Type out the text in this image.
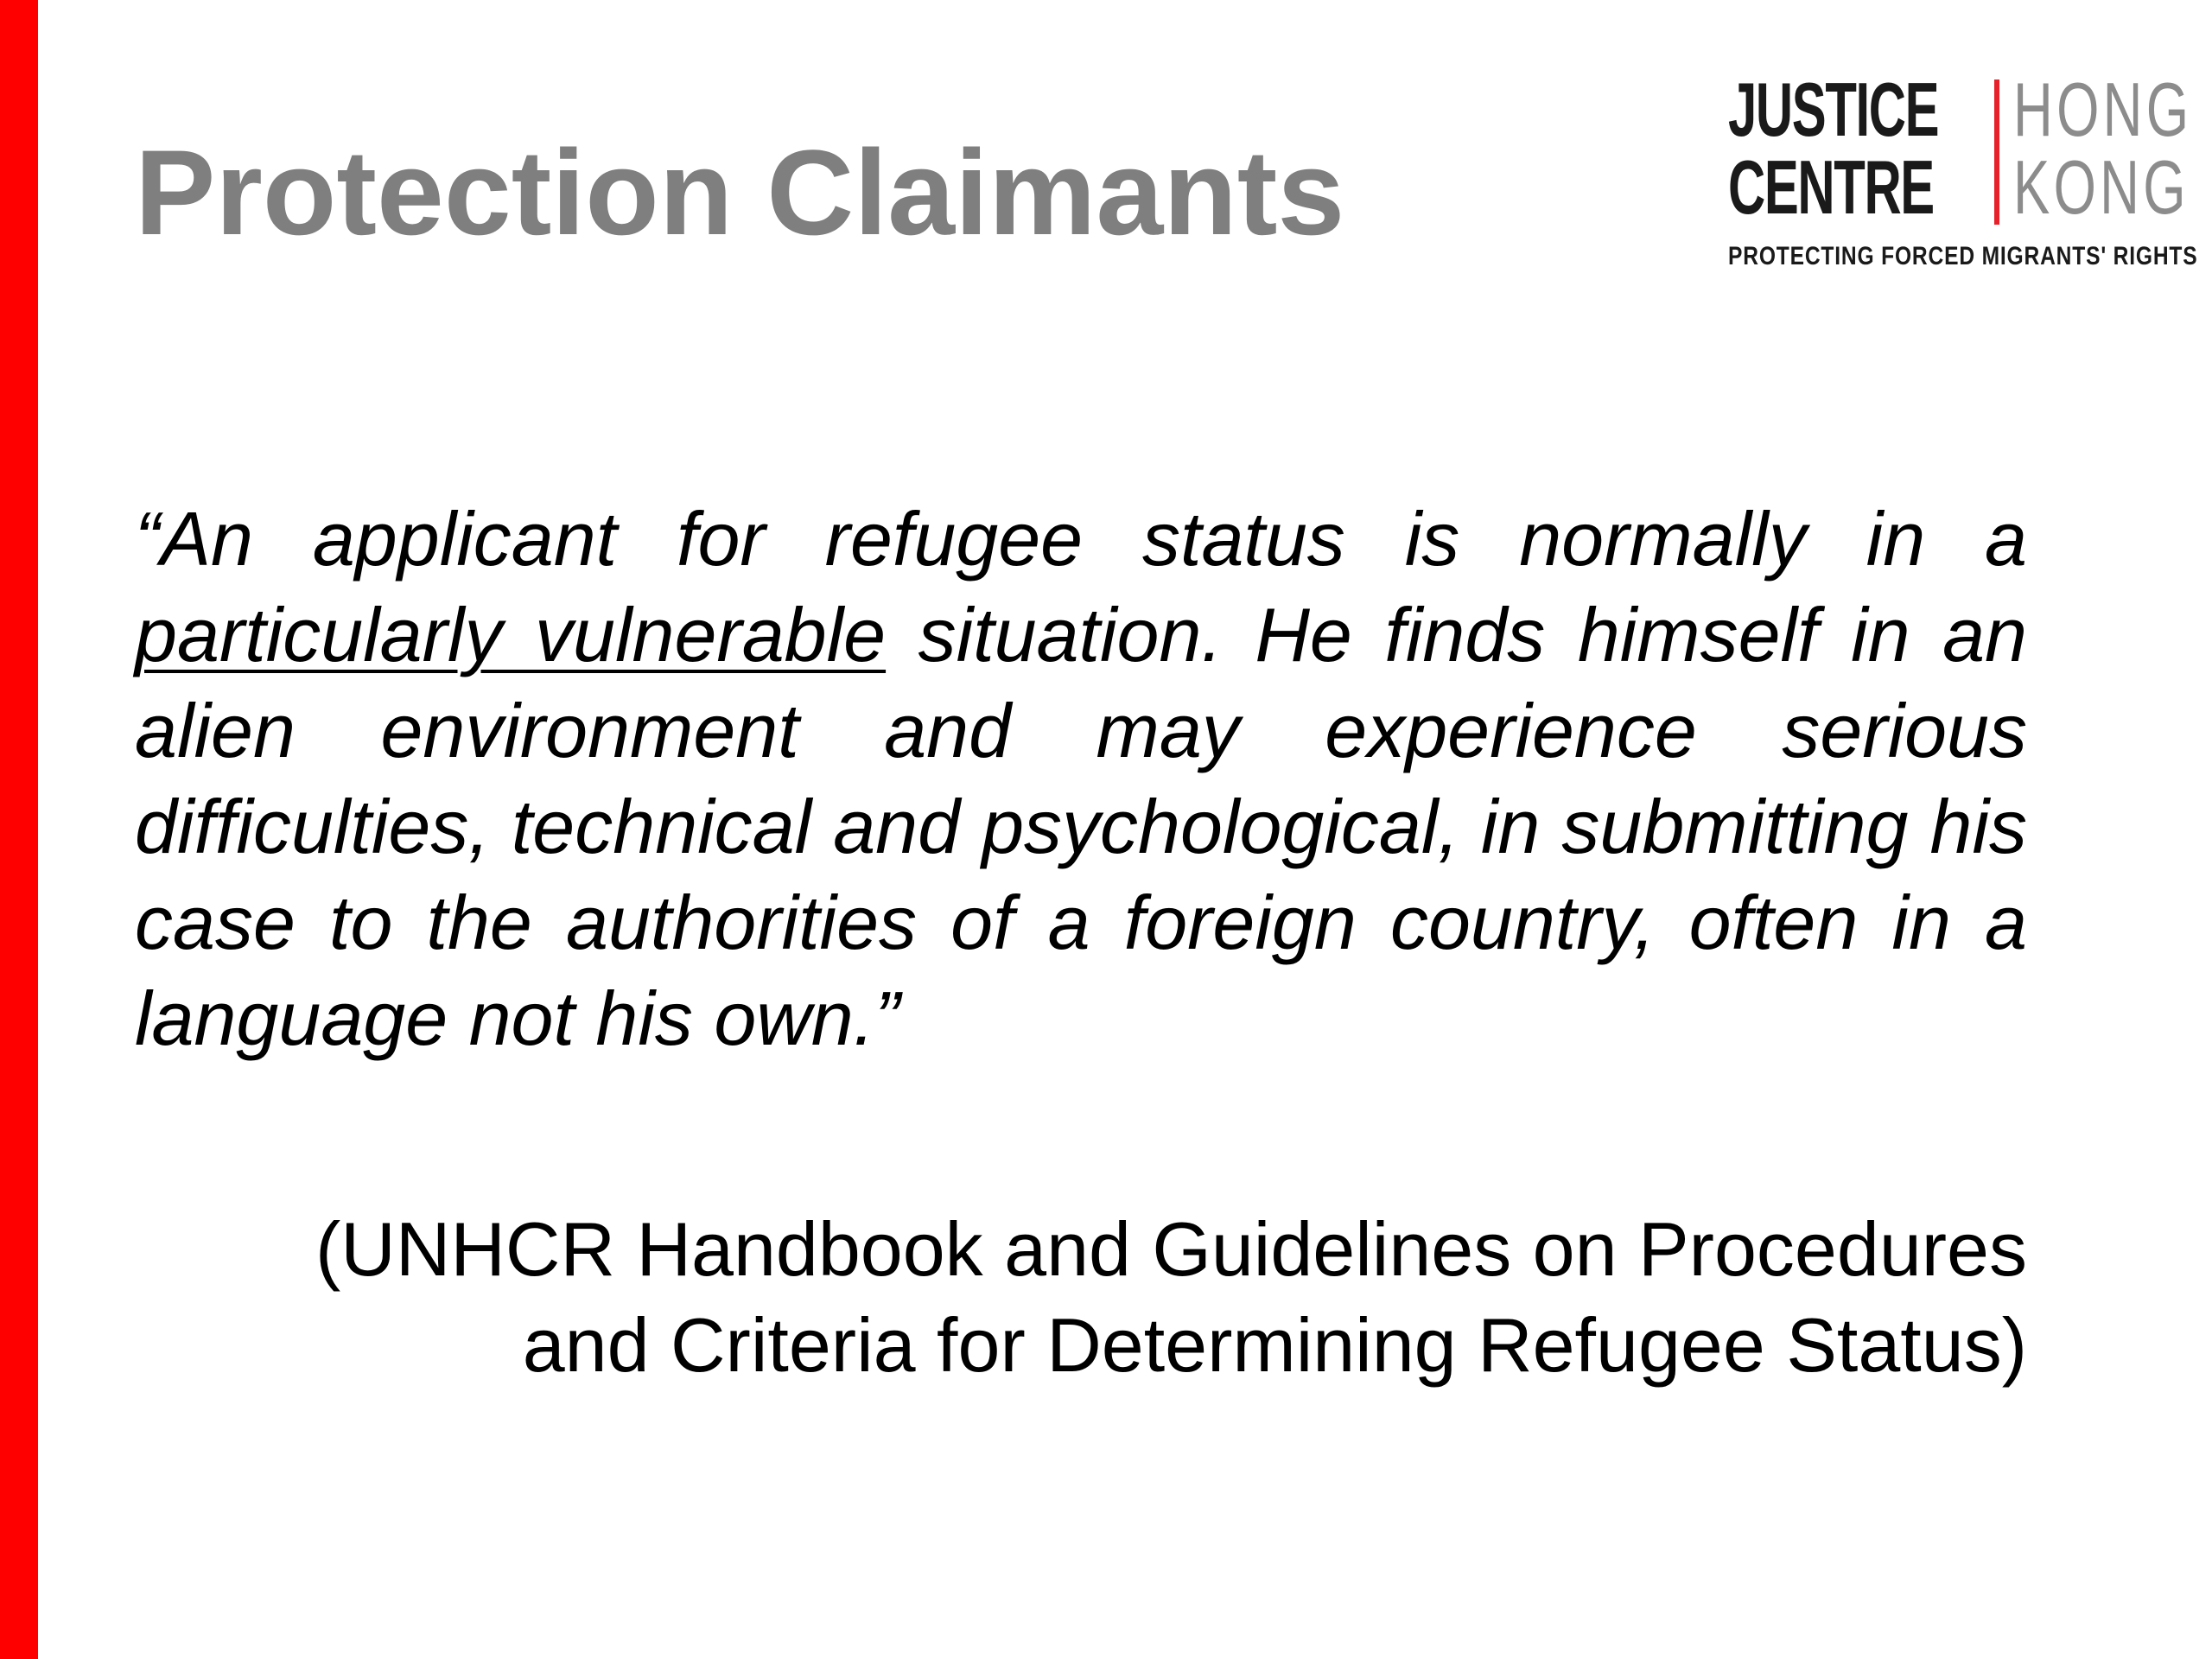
Protection Claimants
JUSTICE
CENTRE
HONG
KONG
PROTECTING FORCED MIGRANTS' RIGHTS

“An applicant for refugee status is normally in a particularly vulnerable situation. He finds himself in an alien environment and may experience serious difficulties, technical and psychological, in submitting his case to the authorities of a foreign country, often in a language not his own.”

(UNHCR Handbook and Guidelines on Procedures
and Criteria for Determining Refugee Status)
